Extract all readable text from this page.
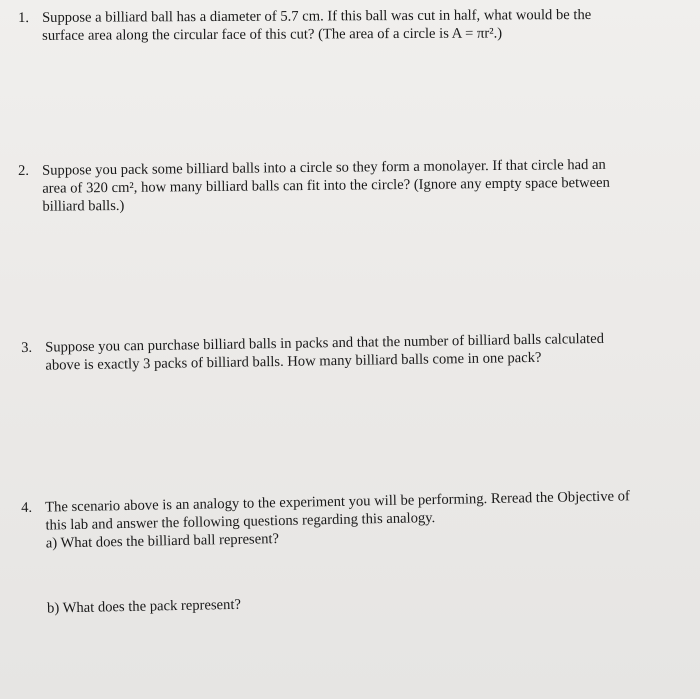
1. Suppose a billiard ball has a diameter of 5.7 cm. If this ball was cut in half, what would be the
surface area along the circular face of this cut? (The area of a circle is A = πr².)
2. Suppose you pack some billiard balls into a circle so they form a monolayer. If that circle had an
area of 320 cm², how many billiard balls can fit into the circle? (Ignore any empty space between
billiard balls.)
3. Suppose you can purchase billiard balls in packs and that the number of billiard balls calculated
above is exactly 3 packs of billiard balls. How many billiard balls come in one pack?
4. The scenario above is an analogy to the experiment you will be performing. Reread the Objective of
this lab and answer the following questions regarding this analogy.
a) What does the billiard ball represent?
b) What does the pack represent?
